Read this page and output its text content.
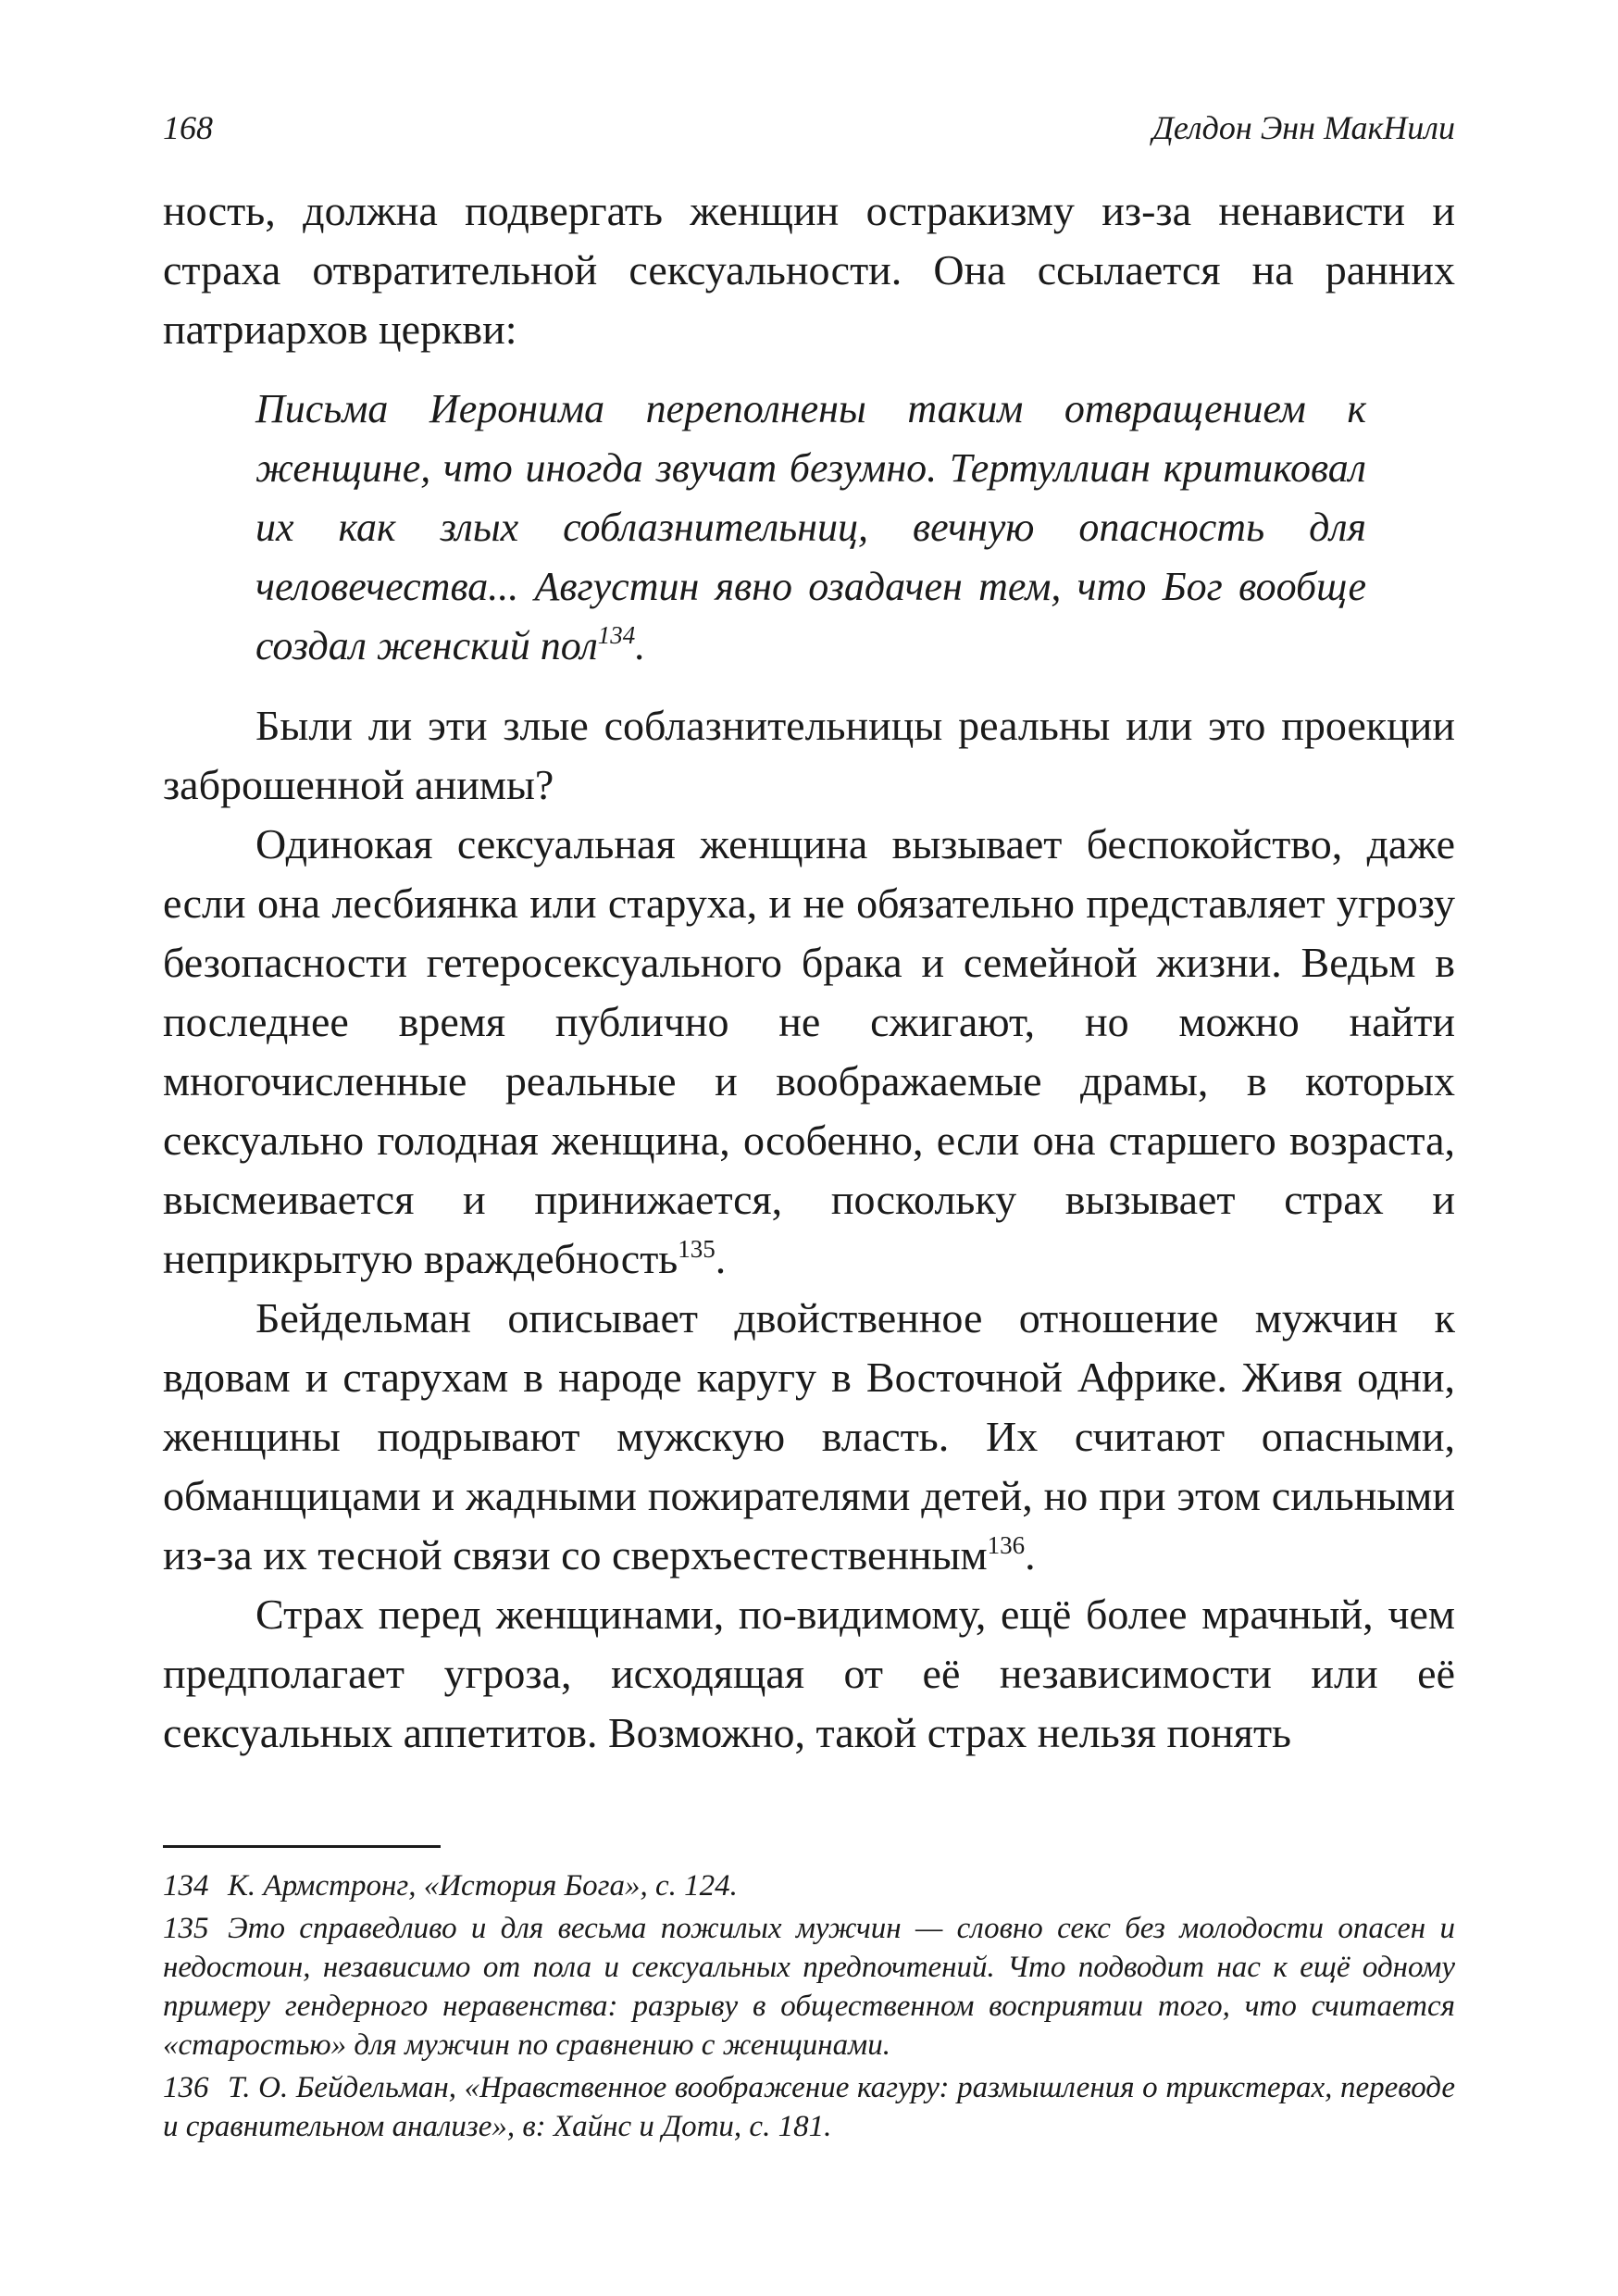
168	Делдон Энн МакНили

ность, должна подвергать женщин остракизму из-за ненависти и страха отвратительной сексуальности. Она ссылается на ранних патриархов церкви:

Письма Иеронима переполнены таким отвращением к женщине, что иногда звучат безумно. Тертуллиан критиковал их как злых соблазнительниц, вечную опасность для человечества... Августин явно озадачен тем, что Бог вообще создал женский пол$^{134}$.

Были ли эти злые соблазнительницы реальны или это проекции заброшенной анимы?

Одинокая сексуальная женщина вызывает беспокойство, даже если она лесбиянка или старуха, и не обязательно представляет угрозу безопасности гетеросексуального брака и семейной жизни. Ведьм в последнее время публично не сжигают, но можно найти многочисленные реальные и воображаемые драмы, в которых сексуально голодная женщина, особенно, если она старшего возраста, высмеивается и принижается, поскольку вызывает страх и неприкрытую враждебность$^{135}$.

Бейдельман описывает двойственное отношение мужчин к вдовам и старухам в народе каругу в Восточной Африке. Живя одни, женщины подрывают мужскую власть. Их считают опасными, обманщицами и жадными пожирателями детей, но при этом сильными из-за их тесной связи со сверхъестественным$^{136}$.

Страх перед женщинами, по-видимому, ещё более мрачный, чем предполагает угроза, исходящая от её независимости или её сексуальных аппетитов. Возможно, такой страх нельзя понять

134 К. Армстронг, «История Бога», с. 124.

135 Это справедливо и для весьма пожилых мужчин — словно секс без молодости опасен и недостоин, независимо от пола и сексуальных предпочтений. Что подводит нас к ещё одному примеру гендерного неравенства: разрыву в общественном восприятии того, что считается «старостью» для мужчин по сравнению с женщинами.

136 Т. О. Бейдельман, «Нравственное воображение кагуру: размышления о трикстерах, переводе и сравнительном анализе», в: Хайнс и Доти, с. 181.
